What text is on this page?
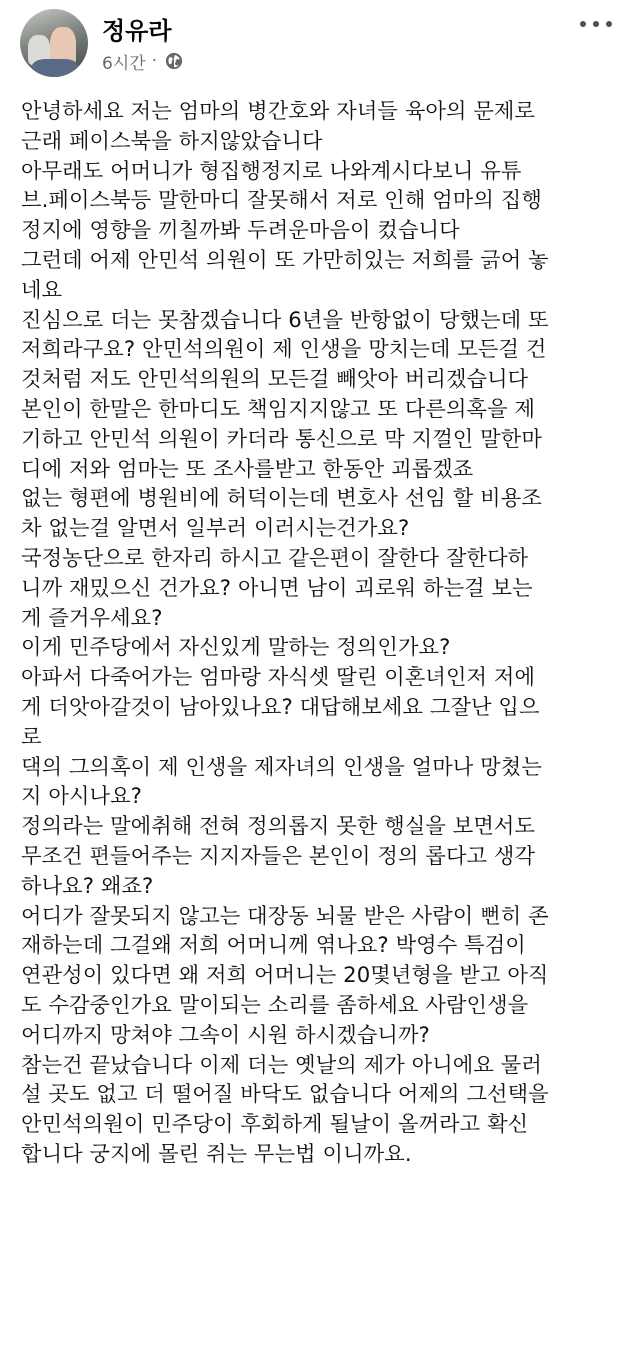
정유라
6시간 ·
안녕하세요 저는 엄마의 병간호와 자녀들 육아의 문제로
근래 페이스북을 하지않았습니다
아무래도 어머니가 형집행정지로 나와계시다보니 유튜
브.페이스북등 말한마디 잘못해서 저로 인해 엄마의 집행
정지에 영향을 끼칠까봐 두려운마음이 컸습니다
그런데 어제 안민석 의원이 또 가만히있는 저희를 긁어 놓
네요
진심으로 더는 못참겠습니다 6년을 반항없이 당했는데 또
저희라구요? 안민석의원이 제 인생을 망치는데 모든걸 건
것처럼 저도 안민석의원의 모든걸 빼앗아 버리겠습니다
본인이 한말은 한마디도 책임지지않고 또 다른의혹을 제
기하고 안민석 의원이 카더라 통신으로 막 지껄인 말한마
디에 저와 엄마는 또 조사를받고 한동안 괴롭겠죠
없는 형편에 병원비에 허덕이는데 변호사 선임 할 비용조
차 없는걸 알면서 일부러 이러시는건가요?
국정농단으로 한자리 하시고 같은편이 잘한다 잘한다하
니까 재밌으신 건가요? 아니면 남이 괴로워 하는걸 보는
게 즐거우세요?
이게 민주당에서 자신있게 말하는 정의인가요?
아파서 다죽어가는 엄마랑 자식셋 딸린 이혼녀인저 저에
게 더앗아갈것이 남아있나요? 대답해보세요 그잘난 입으
로
댁의 그의혹이 제 인생을 제자녀의 인생을 얼마나 망쳤는
지 아시나요?
정의라는 말에취해 전혀 정의롭지 못한 행실을 보면서도
무조건 편들어주는 지지자들은 본인이 정의 롭다고 생각
하나요? 왜죠?
어디가 잘못되지 않고는 대장동 뇌물 받은 사람이 뻔히 존
재하는데 그걸왜 저희 어머니께 엮나요? 박영수 특검이
연관성이 있다면 왜 저희 어머니는 20몇년형을 받고 아직
도 수감중인가요 말이되는 소리를 좀하세요 사람인생을
어디까지 망쳐야 그속이 시원 하시겠습니까?
참는건 끝났습니다 이제 더는 옛날의 제가 아니에요 물러
설 곳도 없고 더 떨어질 바닥도 없습니다 어제의 그선택을
안민석의원이 민주당이 후회하게 될날이 올꺼라고 확신
합니다 궁지에 몰린 쥐는 무는법 이니까요.
